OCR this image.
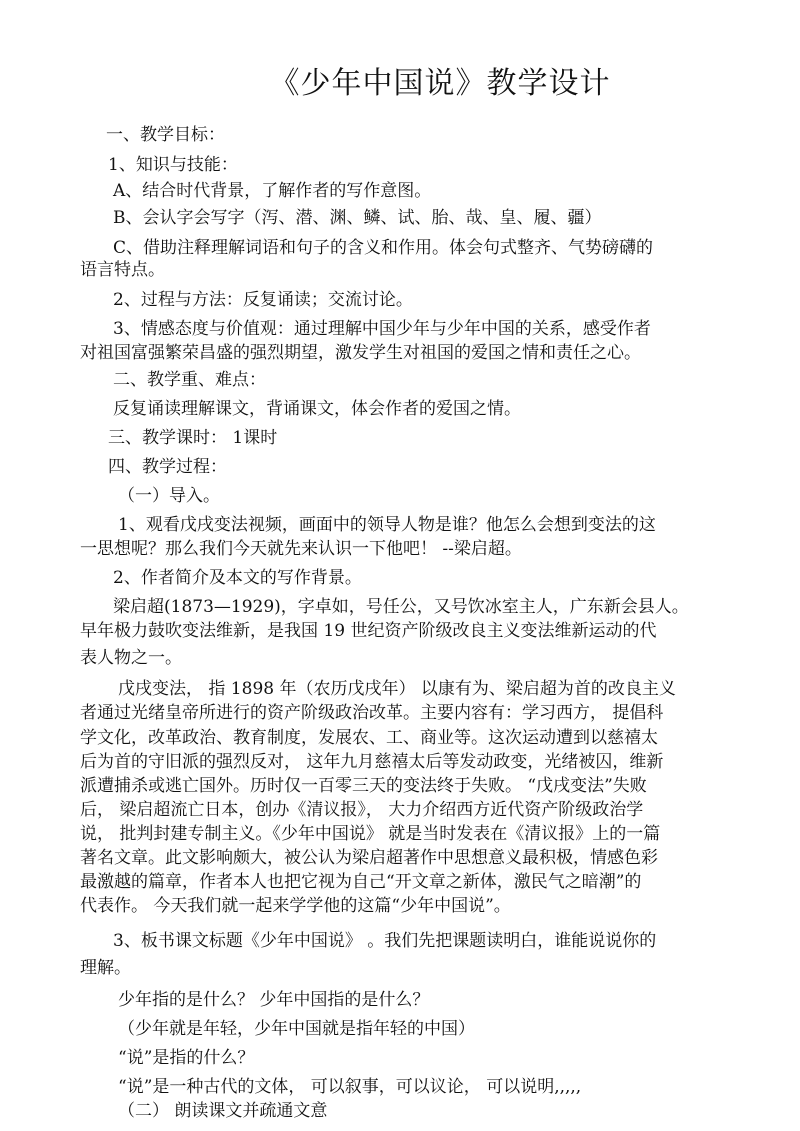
《少年中国说》教学设计
一、教学目标：
1、知识与技能：
A、结合时代背景，了解作者的写作意图。
B、会认字会写字（泻、潜、渊、鳞、试、胎、哉、皇、履、疆）
C、借助注释理解词语和句子的含义和作用。体会句式整齐、气势磅礴的
语言特点。
2、过程与方法：反复诵读；交流讨论。
3、情感态度与价值观：通过理解中国少年与少年中国的关系，感受作者
对祖国富强繁荣昌盛的强烈期望，激发学生对祖国的爱国之情和责任之心。
二、教学重、难点：
反复诵读理解课文，背诵课文，体会作者的爱国之情。
三、教学课时： 1课时
四、教学过程：
（一）导入。
1、观看戊戌变法视频，画面中的领导人物是谁？他怎么会想到变法的这
一思想呢？那么我们今天就先来认识一下他吧！ --梁启超。
2、作者简介及本文的写作背景。
梁启超(1873—1929)，字卓如，号任公，又号饮冰室主人，广东新会县人。
早年极力鼓吹变法维新，是我国 19 世纪资产阶级改良主义变法维新运动的代
表人物之一。
戊戌变法， 指 1898 年（农历戊戌年） 以康有为、梁启超为首的改良主义
者通过光绪皇帝所进行的资产阶级政治改革。主要内容有：学习西方， 提倡科
学文化，改革政治、教育制度，发展农、工、商业等。这次运动遭到以慈禧太
后为首的守旧派的强烈反对， 这年九月慈禧太后等发动政变，光绪被囚，维新
派遭捕杀或逃亡国外。历时仅一百零三天的变法终于失败。 “戊戌变法”失败
后， 梁启超流亡日本，创办《清议报》， 大力介绍西方近代资产阶级政治学
说， 批判封建专制主义。《少年中国说》 就是当时发表在《清议报》上的一篇
著名文章。此文影响颇大，被公认为梁启超著作中思想意义最积极，情感色彩
最激越的篇章，作者本人也把它视为自己“开文章之新体，激民气之暗潮”的
代表作。 今天我们就一起来学学他的这篇“少年中国说”。
3、板书课文标题《少年中国说》 。我们先把课题读明白，谁能说说你的
理解。
少年指的是什么？ 少年中国指的是什么？
（少年就是年轻，少年中国就是指年轻的中国）
“说”是指的什么？
“说”是一种古代的文体， 可以叙事，可以议论， 可以说明,,,,,
（二） 朗读课文并疏通文意
